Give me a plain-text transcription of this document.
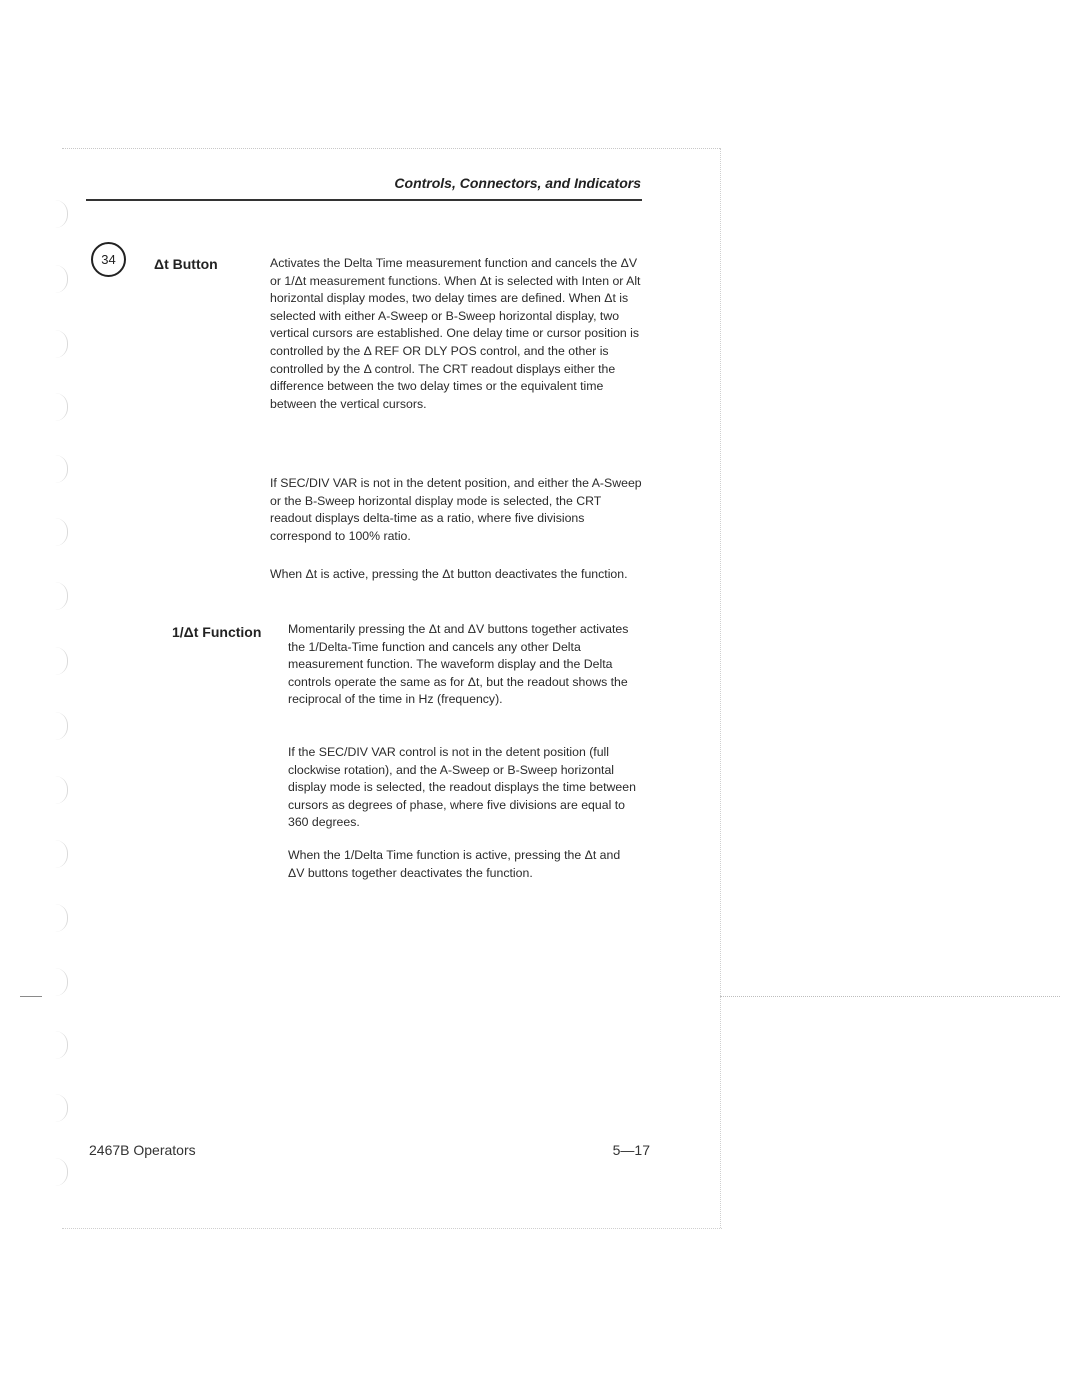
Controls, Connectors, and Indicators
34	Δt Button	Activates the Delta Time measurement function and cancels the ΔV or 1/Δt measurement functions. When Δt is selected with Inten or Alt horizontal display modes, two delay times are defined. When Δt is selected with either A-Sweep or B-Sweep horizontal display, two vertical cursors are established. One delay time or cursor position is controlled by the Δ REF OR DLY POS control, and the other is controlled by the Δ control. The CRT readout displays either the difference between the two delay times or the equivalent time between the vertical cursors.

If SEC/DIV VAR is not in the detent position, and either the A-Sweep or the B-Sweep horizontal display mode is selected, the CRT readout displays delta-time as a ratio, where five divisions correspond to 100% ratio.

When Δt is active, pressing the Δt button deactivates the function.

1/Δt Function Momentarily pressing the Δt and ΔV buttons together activates the 1/Delta-Time function and cancels any other Delta measurement function. The waveform display and the Delta controls operate the same as for Δt, but the readout shows the reciprocal of the time in Hz (frequency).

If the SEC/DIV VAR control is not in the detent position (full clockwise rotation), and the A-Sweep or B-Sweep horizontal display mode is selected, the readout displays the time between cursors as degrees of phase, where five divisions are equal to 360 degrees.

When the 1/Delta Time function is active, pressing the Δt and ΔV buttons together deactivates the function.

2467B Operators	5—17
